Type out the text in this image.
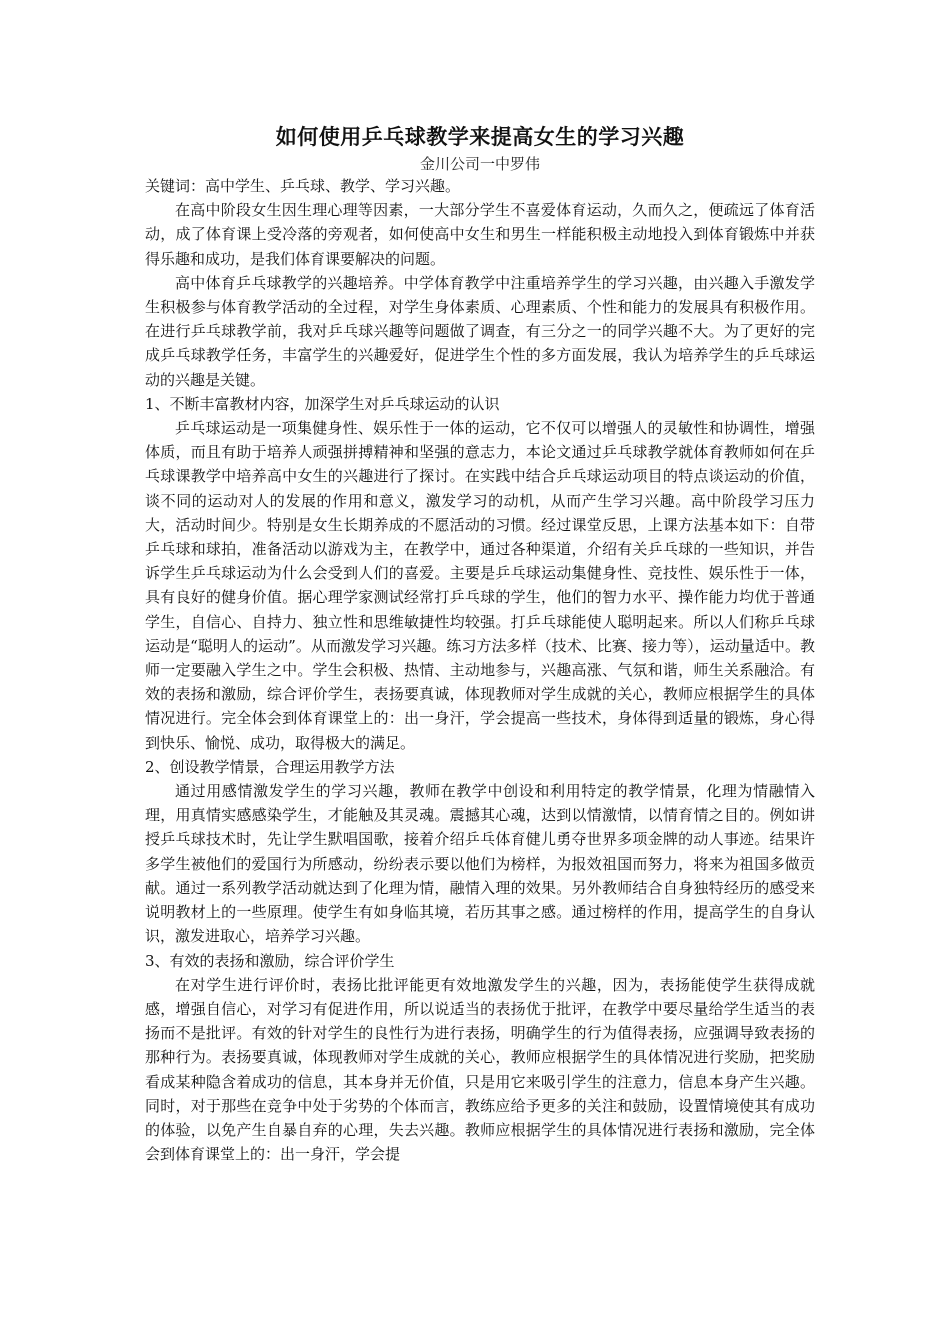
如何使用乒乓球教学来提高女生的学习兴趣
金川公司一中罗伟

关键词：高中学生、乒乓球、教学、学习兴趣。

在高中阶段女生因生理心理等因素，一大部分学生不喜爱体育运动，久而久之，便疏远了体育活动，成了体育课上受冷落的旁观者，如何使高中女生和男生一样能积极主动地投入到体育锻炼中并获得乐趣和成功，是我们体育课要解决的问题。

高中体育乒乓球教学的兴趣培养。中学体育教学中注重培养学生的学习兴趣，由兴趣入手激发学生积极参与体育教学活动的全过程，对学生身体素质、心理素质、个性和能力的发展具有积极作用。在进行乒乓球教学前，我对乒乓球兴趣等问题做了调查，有三分之一的同学兴趣不大。为了更好的完成乒乓球教学任务，丰富学生的兴趣爱好，促进学生个性的多方面发展，我认为培养学生的乒乓球运动的兴趣是关键。

1、不断丰富教材内容，加深学生对乒乓球运动的认识

乒乓球运动是一项集健身性、娱乐性于一体的运动，它不仅可以增强人的灵敏性和协调性，增强体质，而且有助于培养人顽强拼搏精神和坚强的意志力，本论文通过乒乓球教学就体育教师如何在乒乓球课教学中培养高中女生的兴趣进行了探讨。在实践中结合乒乓球运动项目的特点谈运动的价值，谈不同的运动对人的发展的作用和意义，激发学习的动机，从而产生学习兴趣。高中阶段学习压力大，活动时间少。特别是女生长期养成的不愿活动的习惯。经过课堂反思，上课方法基本如下：自带乒乓球和球拍，准备活动以游戏为主，在教学中，通过各种渠道，介绍有关乒乓球的一些知识，并告诉学生乒乓球运动为什么会受到人们的喜爱。主要是乒乓球运动集健身性、竞技性、娱乐性于一体，具有良好的健身价值。据心理学家测试经常打乒乓球的学生，他们的智力水平、操作能力均优于普通学生，自信心、自持力、独立性和思维敏捷性均较强。打乒乓球能使人聪明起来。所以人们称乒乓球运动是“聪明人的运动”。从而激发学习兴趣。练习方法多样（技术、比赛、接力等），运动量适中。教师一定要融入学生之中。学生会积极、热情、主动地参与，兴趣高涨、气氛和谐，师生关系融洽。有效的表扬和激励，综合评价学生，表扬要真诚，体现教师对学生成就的关心，教师应根据学生的具体情况进行。完全体会到体育课堂上的：出一身汗，学会提高一些技术，身体得到适量的锻炼，身心得到快乐、愉悦、成功，取得极大的满足。

2、创设教学情景，合理运用教学方法

通过用感情激发学生的学习兴趣，教师在教学中创设和利用特定的教学情景，化理为情融情入理，用真情实感感染学生，才能触及其灵魂。震撼其心魂，达到以情激情，以情育情之目的。例如讲授乒乓球技术时，先让学生默唱国歌，接着介绍乒乓体育健儿勇夺世界多项金牌的动人事迹。结果许多学生被他们的爱国行为所感动，纷纷表示要以他们为榜样，为报效祖国而努力，将来为祖国多做贡献。通过一系列教学活动就达到了化理为情，融情入理的效果。另外教师结合自身独特经历的感受来说明教材上的一些原理。使学生有如身临其境，若历其事之感。通过榜样的作用，提高学生的自身认识，激发进取心，培养学习兴趣。

3、有效的表扬和激励，综合评价学生

在对学生进行评价时，表扬比批评能更有效地激发学生的兴趣，因为，表扬能使学生获得成就感，增强自信心，对学习有促进作用，所以说适当的表扬优于批评，在教学中要尽量给学生适当的表扬而不是批评。有效的针对学生的良性行为进行表扬，明确学生的行为值得表扬，应强调导致表扬的那种行为。表扬要真诚，体现教师对学生成就的关心，教师应根据学生的具体情况进行奖励，把奖励看成某种隐含着成功的信息，其本身并无价值，只是用它来吸引学生的注意力，信息本身产生兴趣。同时，对于那些在竞争中处于劣势的个体而言，教练应给予更多的关注和鼓励，设置情境使其有成功的体验，以免产生自暴自弃的心理，失去兴趣。教师应根据学生的具体情况进行表扬和激励，完全体会到体育课堂上的：出一身汗，学会提
